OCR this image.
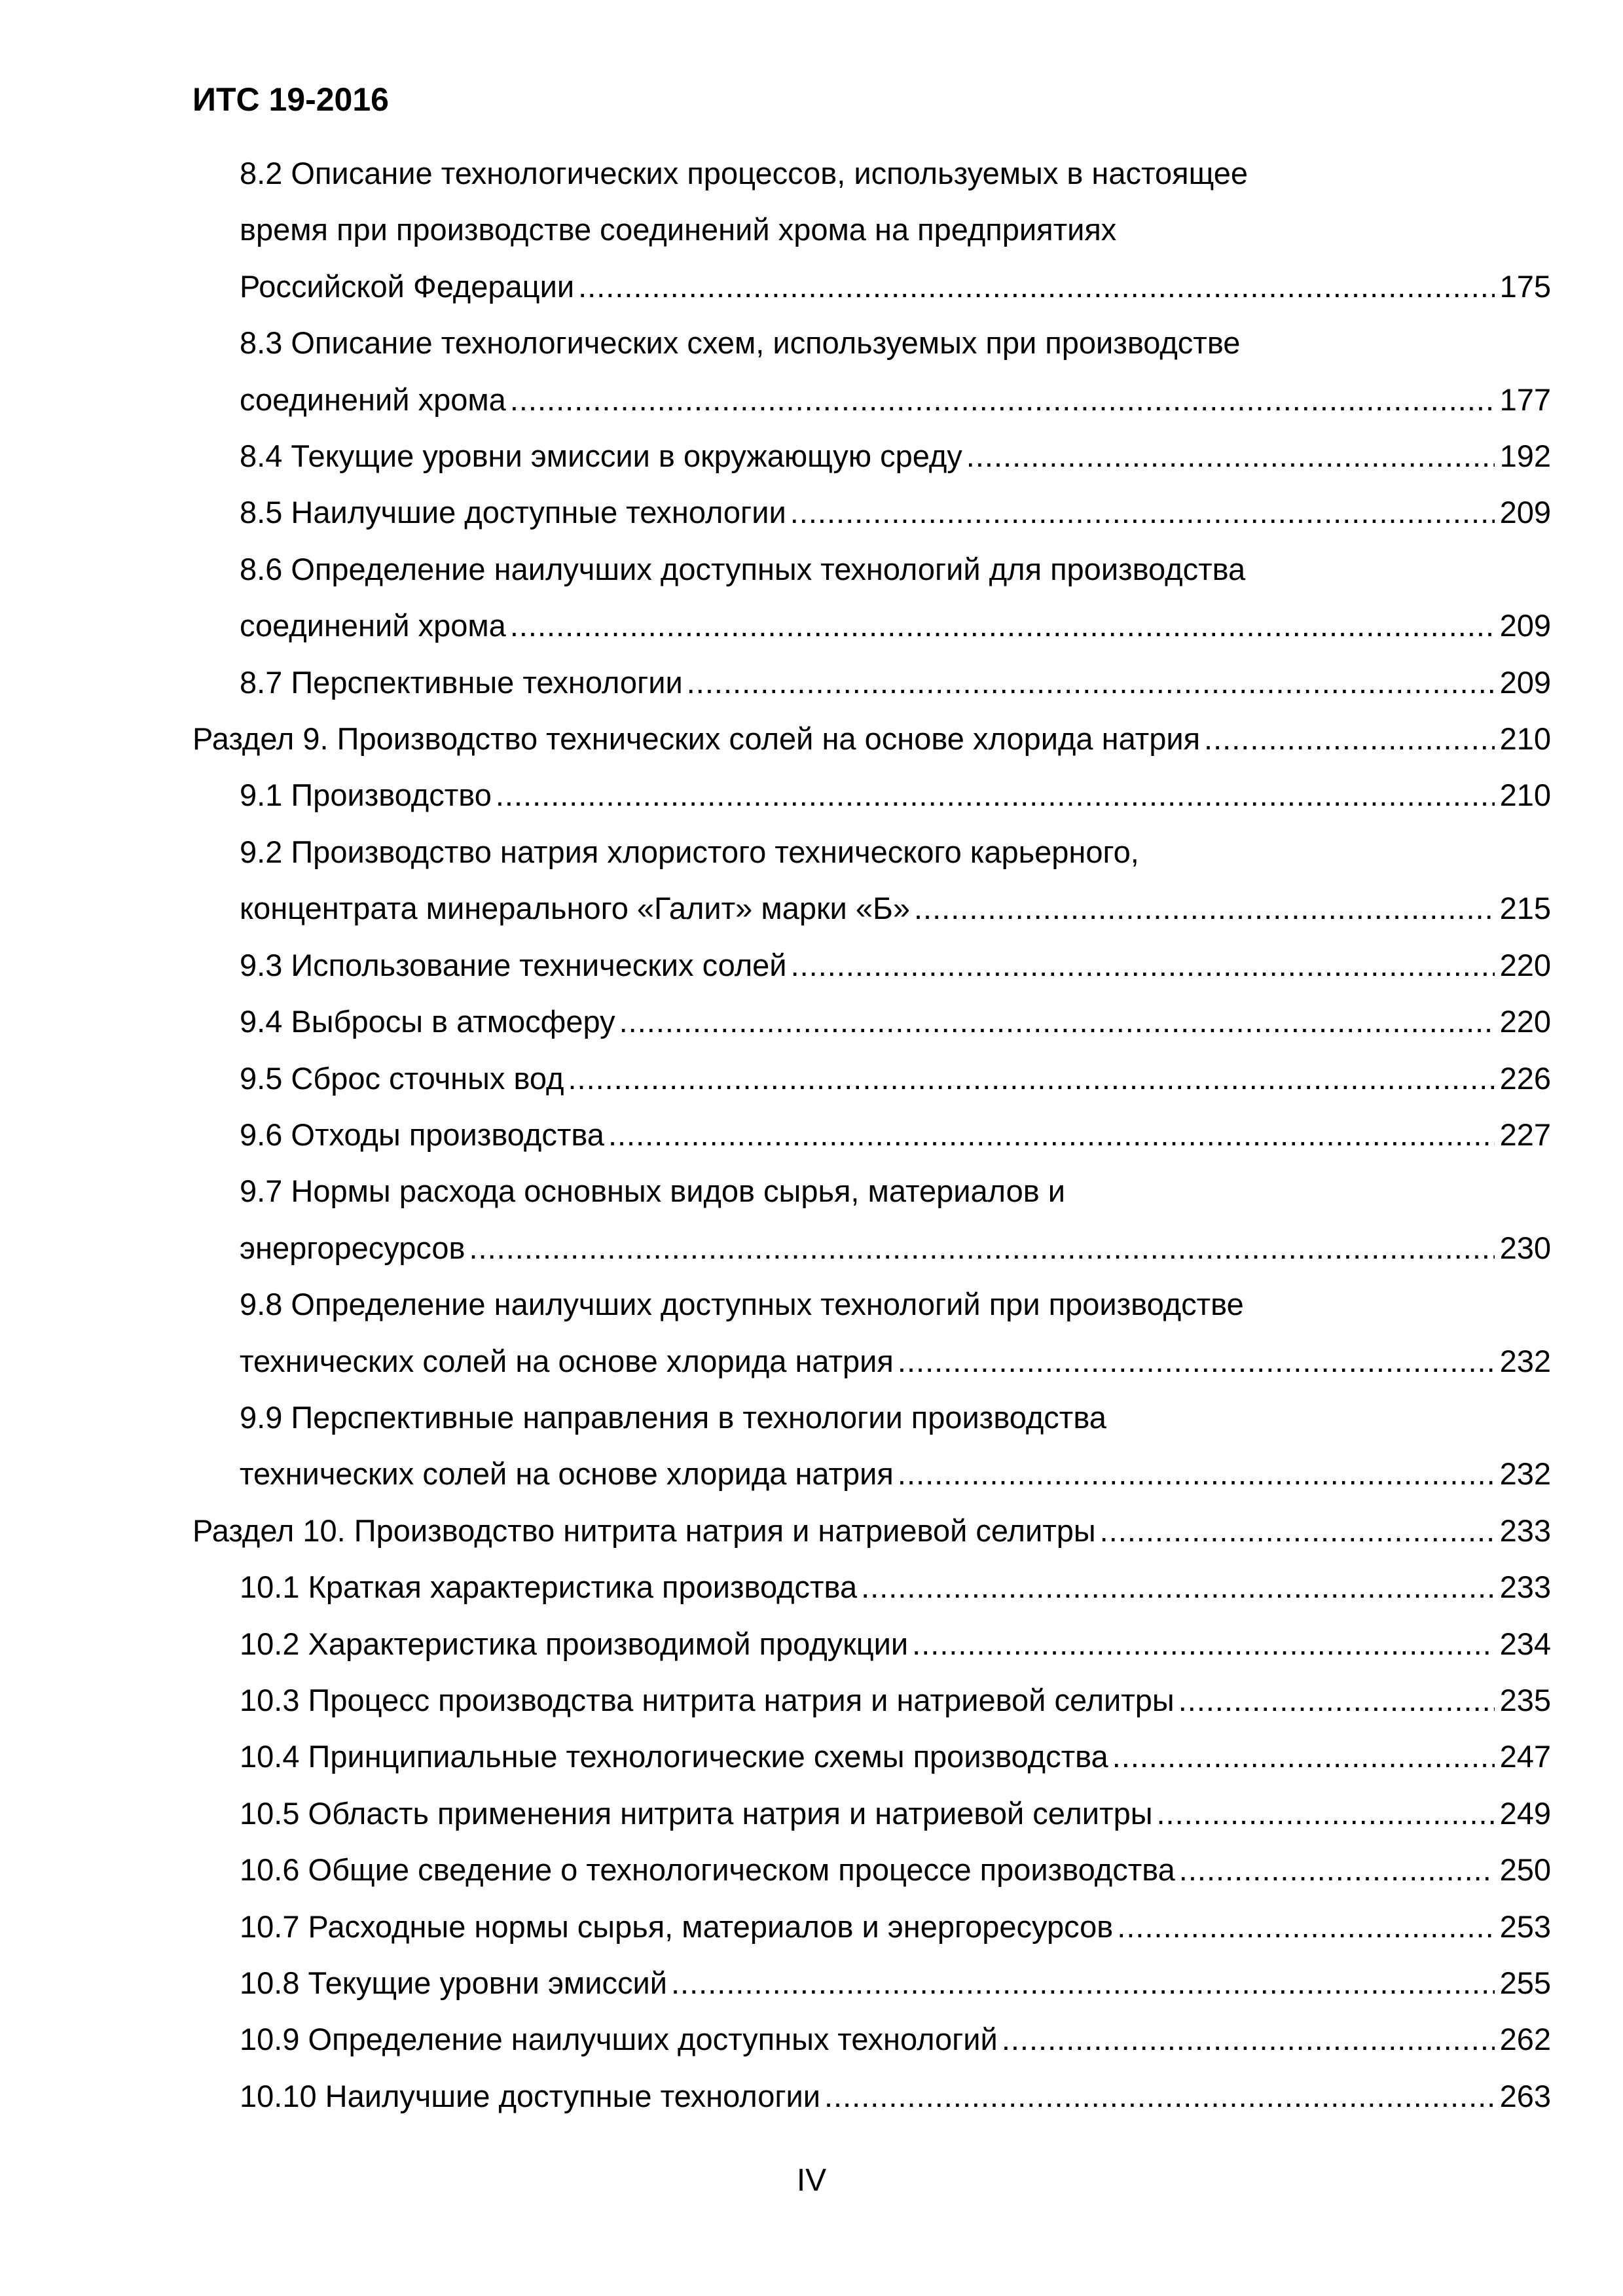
ИТС 19-2016
8.2 Описание технологических процессов, используемых в настоящее
время при производстве соединений хрома на предприятиях
Российской Федерации .....	175
8.3 Описание технологических схем, используемых при производстве
соединений хрома .....	177
8.4 Текущие уровни эмиссии в окружающую среду .....	192
8.5 Наилучшие доступные технологии .....	209
8.6 Определение наилучших доступных технологий для производства
соединений хрома .....	209
8.7 Перспективные технологии .....	209
Раздел 9. Производство технических солей на основе хлорида натрия .....	210
9.1 Производство .....	210
9.2 Производство натрия хлористого технического карьерного,
концентрата минерального «Галит» марки «Б» .....	215
9.3 Использование технических солей .....	220
9.4 Выбросы в атмосферу .....	220
9.5 Сброс сточных вод .....	226
9.6 Отходы производства .....	227
9.7 Нормы расхода основных видов сырья, материалов и
энергоресурсов .....	230
9.8 Определение наилучших доступных технологий при производстве
технических солей на основе хлорида натрия .....	232
9.9 Перспективные направления в технологии производства
технических солей на основе хлорида натрия .....	232
Раздел 10. Производство нитрита натрия и натриевой селитры .....	233
10.1 Краткая характеристика производства .....	233
10.2 Характеристика производимой продукции .....	234
10.3 Процесс производства нитрита натрия и натриевой селитры .....	235
10.4 Принципиальные технологические схемы производства .....	247
10.5 Область применения нитрита натрия и натриевой селитры .....	249
10.6 Общие сведение о технологическом процессе производства .....	250
10.7 Расходные нормы сырья, материалов и энергоресурсов .....	253
10.8 Текущие уровни эмиссий .....	255
10.9 Определение наилучших доступных технологий .....	262
10.10 Наилучшие доступные технологии .....	263
IV
